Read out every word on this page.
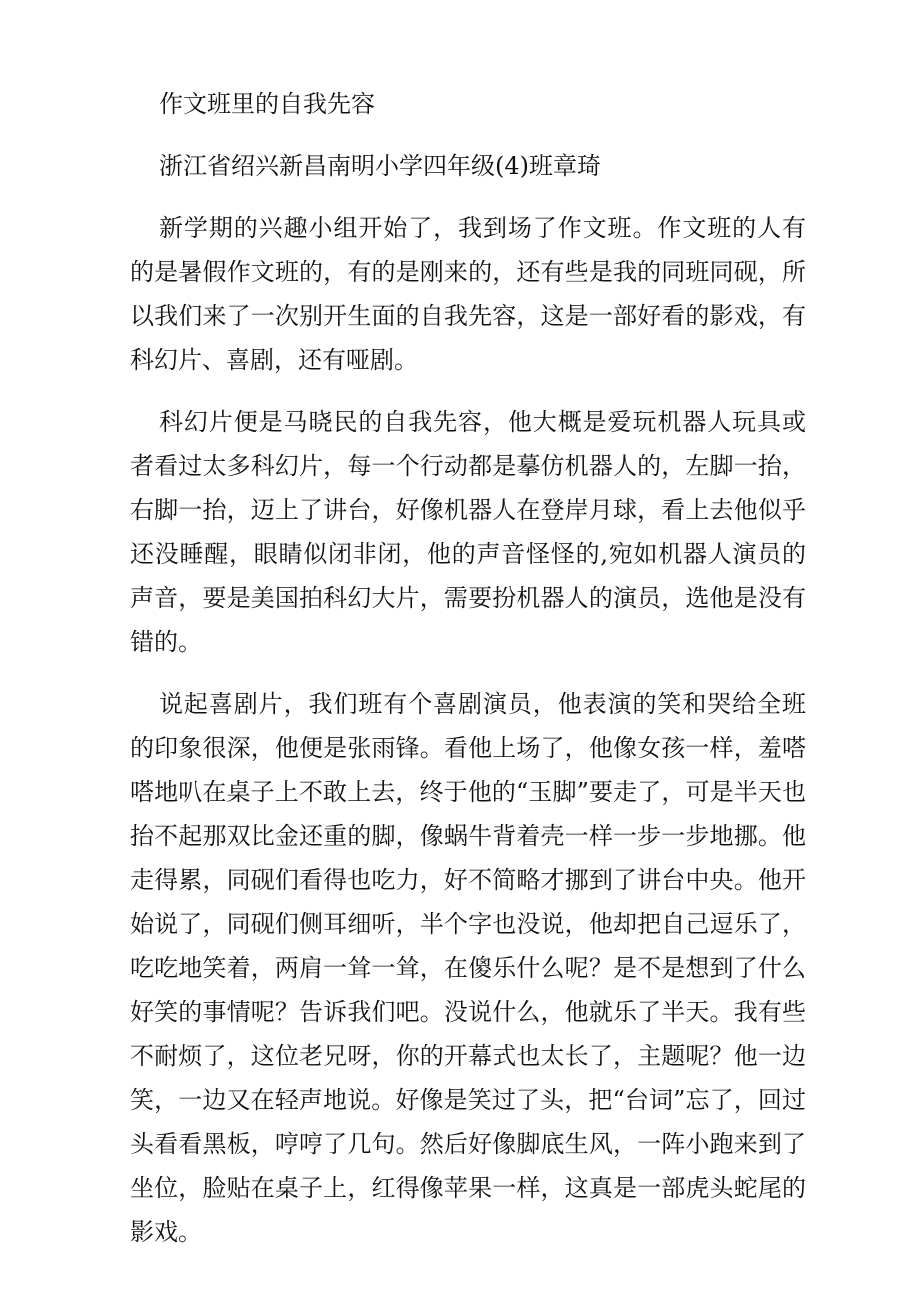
作文班里的自我先容

浙江省绍兴新昌南明小学四年级(4)班章琦

新学期的兴趣小组开始了，我到场了作文班。作文班的人有的是暑假作文班的，有的是刚来的，还有些是我的同班同砚，所以我们来了一次别开生面的自我先容，这是一部好看的影戏，有科幻片、喜剧，还有哑剧。

科幻片便是马晓民的自我先容，他大概是爱玩机器人玩具或者看过太多科幻片，每一个行动都是摹仿机器人的，左脚一抬，右脚一抬，迈上了讲台，好像机器人在登岸月球，看上去他似乎还没睡醒，眼睛似闭非闭，他的声音怪怪的,宛如机器人演员的声音，要是美国拍科幻大片，需要扮机器人的演员，选他是没有错的。

说起喜剧片，我们班有个喜剧演员，他表演的笑和哭给全班的印象很深，他便是张雨锋。看他上场了，他像女孩一样，羞嗒嗒地叭在桌子上不敢上去，终于他的“玉脚”要走了，可是半天也抬不起那双比金还重的脚，像蜗牛背着壳一样一步一步地挪。他走得累，同砚们看得也吃力，好不简略才挪到了讲台中央。他开始说了，同砚们侧耳细听，半个字也没说，他却把自己逗乐了，吃吃地笑着，两肩一耸一耸，在傻乐什么呢？是不是想到了什么好笑的事情呢？告诉我们吧。没说什么，他就乐了半天。我有些不耐烦了，这位老兄呀，你的开幕式也太长了，主题呢？他一边笑，一边又在轻声地说。好像是笑过了头，把“台词”忘了，回过头看看黑板，哼哼了几句。然后好像脚底生风，一阵小跑来到了坐位，脸贴在桌子上，红得像苹果一样，这真是一部虎头蛇尾的影戏。
